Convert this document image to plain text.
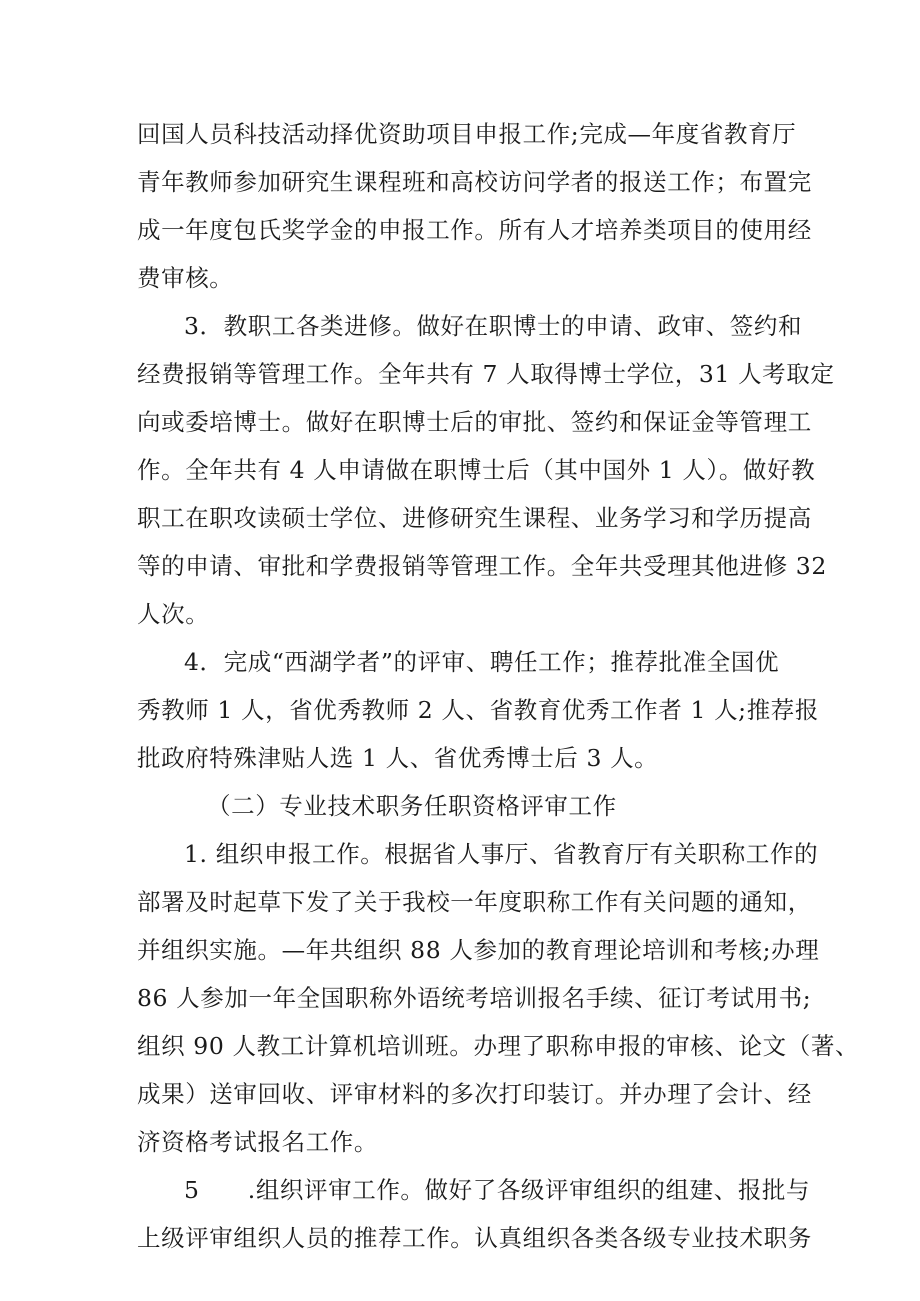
回国人员科技活动择优资助项目申报工作;完成—年度省教育厅
青年教师参加研究生课程班和高校访问学者的报送工作；布置完
成一年度包氏奖学金的申报工作。所有人才培养类项目的使用经
费审核。
3．教职工各类进修。做好在职博士的申请、政审、签约和
经费报销等管理工作。全年共有 7 人取得博士学位，31 人考取定
向或委培博士。做好在职博士后的审批、签约和保证金等管理工
作。全年共有 4 人申请做在职博士后（其中国外 1 人）。做好教
职工在职攻读硕士学位、进修研究生课程、业务学习和学历提高
等的申请、审批和学费报销等管理工作。全年共受理其他进修 32
人次。
4．完成“西湖学者”的评审、聘任工作；推荐批准全国优
秀教师 1 人，省优秀教师 2 人、省教育优秀工作者 1 人;推荐报
批政府特殊津贴人选 1 人、省优秀博士后 3 人。
（二）专业技术职务任职资格评审工作
1. 组织申报工作。根据省人事厅、省教育厅有关职称工作的
部署及时起草下发了关于我校一年度职称工作有关问题的通知，
并组织实施。—年共组织 88 人参加的教育理论培训和考核;办理
86 人参加一年全国职称外语统考培训报名手续、征订考试用书;
组织 90 人教工计算机培训班。办理了职称申报的审核、论文（著、
成果）送审回收、评审材料的多次打印装订。并办理了会计、经
济资格考试报名工作。
5  .组织评审工作。做好了各级评审组织的组建、报批与
上级评审组织人员的推荐工作。认真组织各类各级专业技术职务
